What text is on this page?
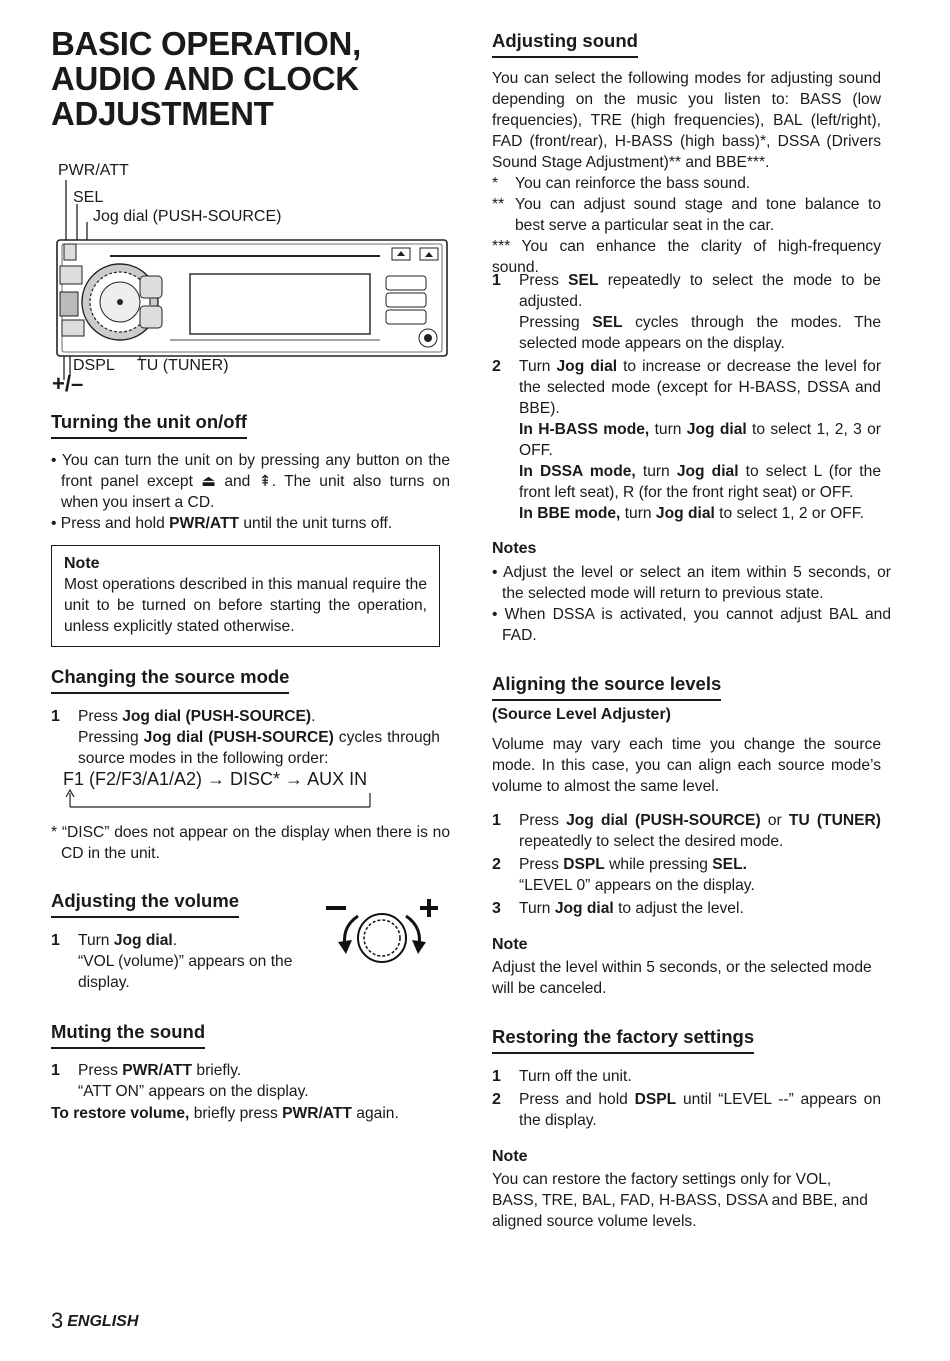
BASIC OPERATION,
AUDIO AND CLOCK
ADJUSTMENT
PWR/ATT
SEL
Jog dial (PUSH-SOURCE)
DSPL TU (TUNER)
+/–
Turning the unit on/off
• You can turn the unit on by pressing any button on the front panel except ⏏ and ⇞. The unit also turns on when you insert a CD.
• Press and hold PWR/ATT until the unit turns off.
Note
Most operations described in this manual require the unit to be turned on before starting the operation, unless explicitly stated otherwise.
Changing the source mode
1 Press Jog dial (PUSH-SOURCE).
Pressing Jog dial (PUSH-SOURCE) cycles through source modes in the following order:
F1 (F2/F3/A1/A2) → DISC* → AUX IN
* “DISC” does not appear on the display when there is no CD in the unit.
Adjusting the volume
1 Turn Jog dial.
“VOL (volume)” appears on the display.
Muting the sound
1 Press PWR/ATT briefly.
“ATT ON” appears on the display.
To restore volume, briefly press PWR/ATT again.
Adjusting sound
You can select the following modes for adjusting sound depending on the music you listen to: BASS (low frequencies), TRE (high frequencies), BAL (left/right), FAD (front/rear), H-BASS (high bass)*, DSSA (Drivers Sound Stage Adjustment)** and BBE***.
* You can reinforce the bass sound.
** You can adjust sound stage and tone balance to best serve a particular seat in the car.
*** You can enhance the clarity of high-frequency sound.
1 Press SEL repeatedly to select the mode to be adjusted.
Pressing SEL cycles through the modes. The selected mode appears on the display.
2 Turn Jog dial to increase or decrease the level for the selected mode (except for H-BASS, DSSA and BBE).
In H-BASS mode, turn Jog dial to select 1, 2, 3 or OFF.
In DSSA mode, turn Jog dial to select L (for the front left seat), R (for the front right seat) or OFF.
In BBE mode, turn Jog dial to select 1, 2 or OFF.
Notes
• Adjust the level or select an item within 5 seconds, or the selected mode will return to previous state.
• When DSSA is activated, you cannot adjust BAL and FAD.
Aligning the source levels
(Source Level Adjuster)
Volume may vary each time you change the source mode. In this case, you can align each source mode’s volume to almost the same level.
1 Press Jog dial (PUSH-SOURCE) or TU (TUNER) repeatedly to select the desired mode.
2 Press DSPL while pressing SEL.
“LEVEL 0” appears on the display.
3 Turn Jog dial to adjust the level.
Note
Adjust the level within 5 seconds, or the selected mode will be canceled.
Restoring the factory settings
1 Turn off the unit.
2 Press and hold DSPL until “LEVEL --” appears on the display.
Note
You can restore the factory settings only for VOL, BASS, TRE, BAL, FAD, H-BASS, DSSA and BBE, and aligned source volume levels.
3 ENGLISH
